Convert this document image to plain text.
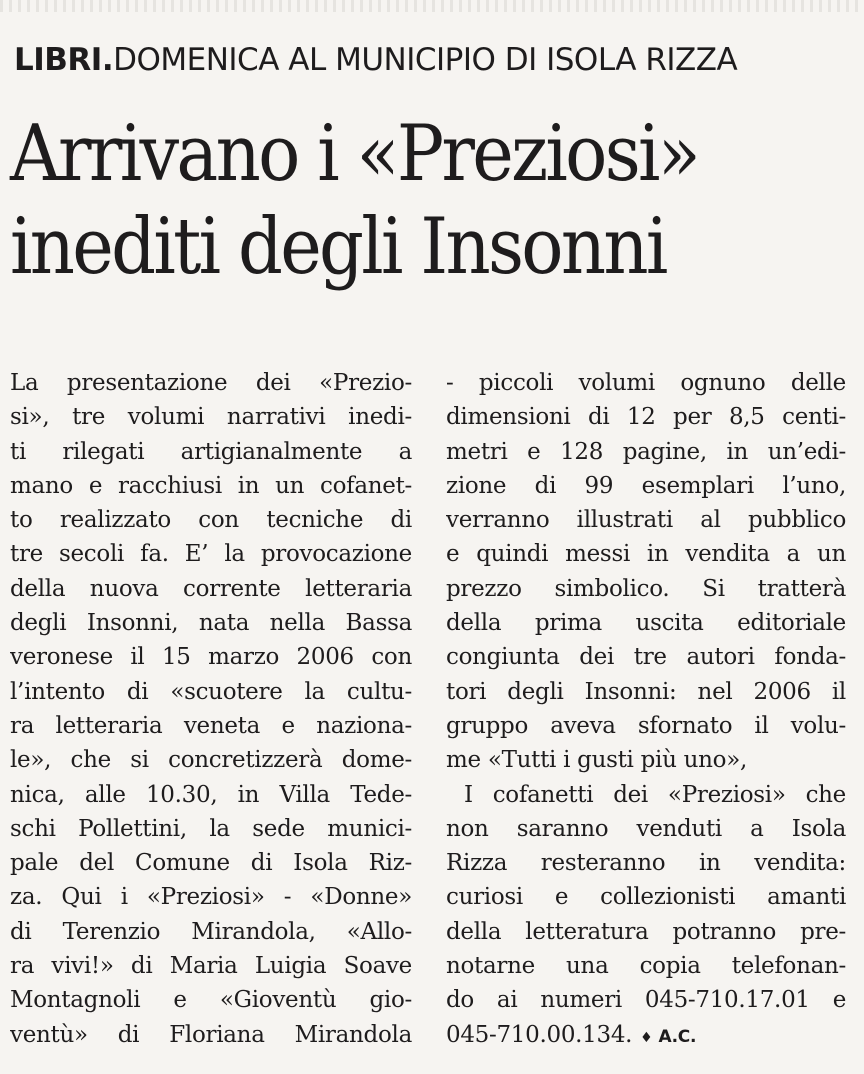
LIBRI.DOMENICA AL MUNICIPIO DI ISOLA RIZZA
Arrivano i «Preziosi»
inediti degli Insonni
La presentazione dei «Prezio-
si», tre volumi narrativi inedi-
ti rilegati artigianalmente a
mano e racchiusi in un cofanet-
to realizzato con tecniche di
tre secoli fa. E’ la provocazione
della nuova corrente letteraria
degli Insonni, nata nella Bassa
veronese il 15 marzo 2006 con
l’intento di «scuotere la cultu-
ra letteraria veneta e naziona-
le», che si concretizzerà dome-
nica, alle 10.30, in Villa Tede-
schi Pollettini, la sede munici-
pale del Comune di Isola Riz-
za. Qui i «Preziosi» - «Donne»
di Terenzio Mirandola, «Allo-
ra vivi!» di Maria Luigia Soave
Montagnoli e «Gioventù gio-
ventù» di Floriana Mirandola
- piccoli volumi ognuno delle
dimensioni di 12 per 8,5 centi-
metri e 128 pagine, in un’edi-
zione di 99 esemplari l’uno,
verranno illustrati al pubblico
e quindi messi in vendita a un
prezzo simbolico. Si tratterà
della prima uscita editoriale
congiunta dei tre autori fonda-
tori degli Insonni: nel 2006 il
gruppo aveva sfornato il volu-
me «Tutti i gusti più uno»,
I cofanetti dei «Preziosi» che
non saranno venduti a Isola
Rizza resteranno in vendita:
curiosi e collezionisti amanti
della letteratura potranno pre-
notarne una copia telefonan-
do ai numeri 045-710.17.01 e
045-710.00.134. ♦ A.C.
